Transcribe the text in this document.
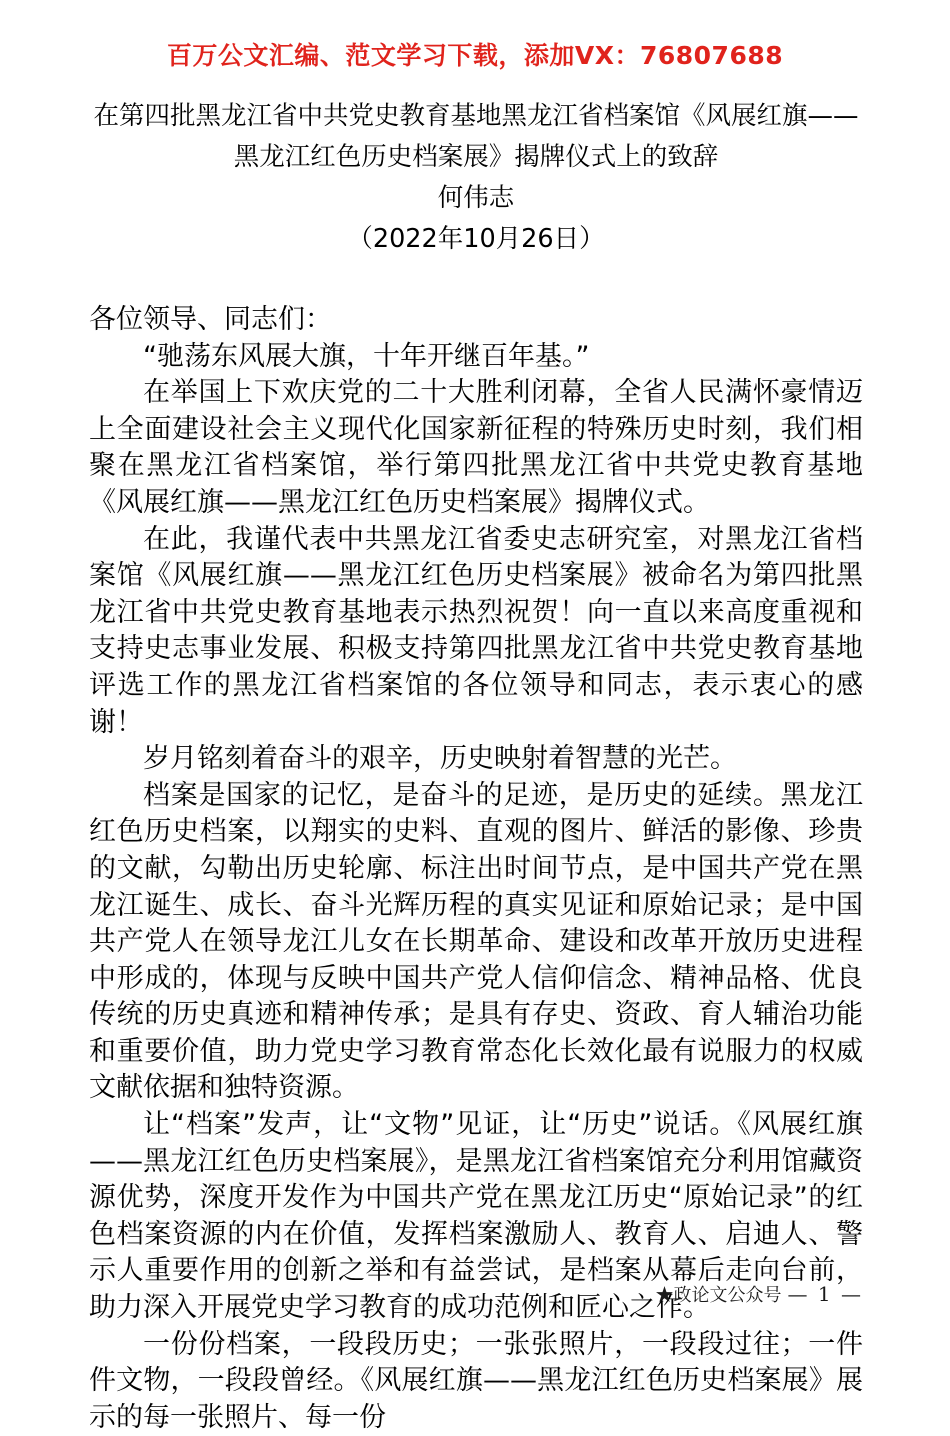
百万公文汇编、范文学习下载，添加VX：76807688
在第四批黑龙江省中共党史教育基地黑龙江省档案馆《风展红旗——黑龙江红色历史档案展》揭牌仪式上的致辞
何伟志
（2022年10月26日）

各位领导、同志们：

“驰荡东风展大旗，十年开继百年基。”

在举国上下欢庆党的二十大胜利闭幕，全省人民满怀豪情迈上全面建设社会主义现代化国家新征程的特殊历史时刻，我们相聚在黑龙江省档案馆，举行第四批黑龙江省中共党史教育基地《风展红旗——黑龙江红色历史档案展》揭牌仪式。

在此，我谨代表中共黑龙江省委史志研究室，对黑龙江省档案馆《风展红旗——黑龙江红色历史档案展》被命名为第四批黑龙江省中共党史教育基地表示热烈祝贺！向一直以来高度重视和支持史志事业发展、积极支持第四批黑龙江省中共党史教育基地评选工作的黑龙江省档案馆的各位领导和同志，表示衷心的感谢！

岁月铭刻着奋斗的艰辛，历史映射着智慧的光芒。

档案是国家的记忆，是奋斗的足迹，是历史的延续。黑龙江红色历史档案，以翔实的史料、直观的图片、鲜活的影像、珍贵的文献，勾勒出历史轮廓、标注出时间节点，是中国共产党在黑龙江诞生、成长、奋斗光辉历程的真实见证和原始记录；是中国共产党人在领导龙江儿女在长期革命、建设和改革开放历史进程中形成的，体现与反映中国共产党人信仰信念、精神品格、优良传统的历史真迹和精神传承；是具有存史、资政、育人辅治功能和重要价值，助力党史学习教育常态化长效化最有说服力的权威文献依据和独特资源。

让“档案”发声，让“文物”见证，让“历史”说话。《风展红旗——黑龙江红色历史档案展》，是黑龙江省档案馆充分利用馆藏资源优势，深度开发作为中国共产党在黑龙江历史“原始记录”的红色档案资源的内在价值，发挥档案激励人、教育人、启迪人、警示人重要作用的创新之举和有益尝试，是档案从幕后走向台前，助力深入开展党史学习教育的成功范例和匠心之作。

一份份档案，一段段历史；一张张照片，一段段过往；一件件文物，一段段曾经。《风展红旗——黑龙江红色历史档案展》展示的每一张照片、每一份

★政论文公众号 — 1 —
